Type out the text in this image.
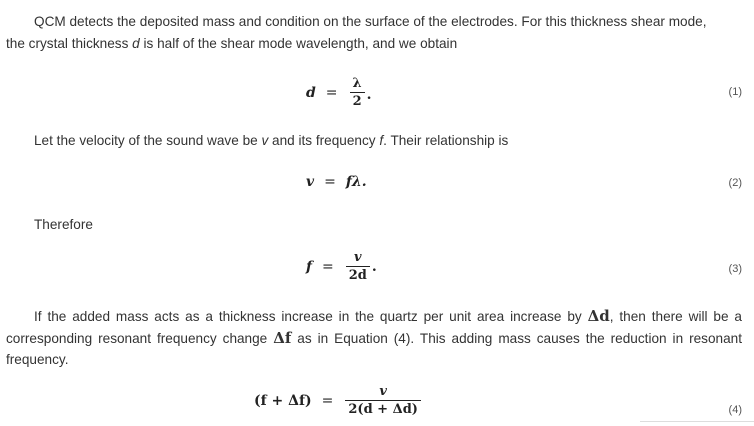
QCM detects the deposited mass and condition on the surface of the electrodes. For this thickness shear mode,
the crystal thickness d is half of the shear mode wavelength, and we obtain

$d = \frac{\lambda}{2}$ .	(1)

Let the velocity of the sound wave be v and its frequency f. Their relationship is

v = fλ.	(2)

Therefore

$f = \frac{v}{2d}$ .	(3)

If the added mass acts as a thickness increase in the quartz per unit area increase by Δd, then there will be a corresponding resonant frequency change Δf as in Equation (4). This adding mass causes the reduction in resonant frequency.

$(f + \Delta f) = \frac{v}{2(d + \Delta d)}$	(4)
